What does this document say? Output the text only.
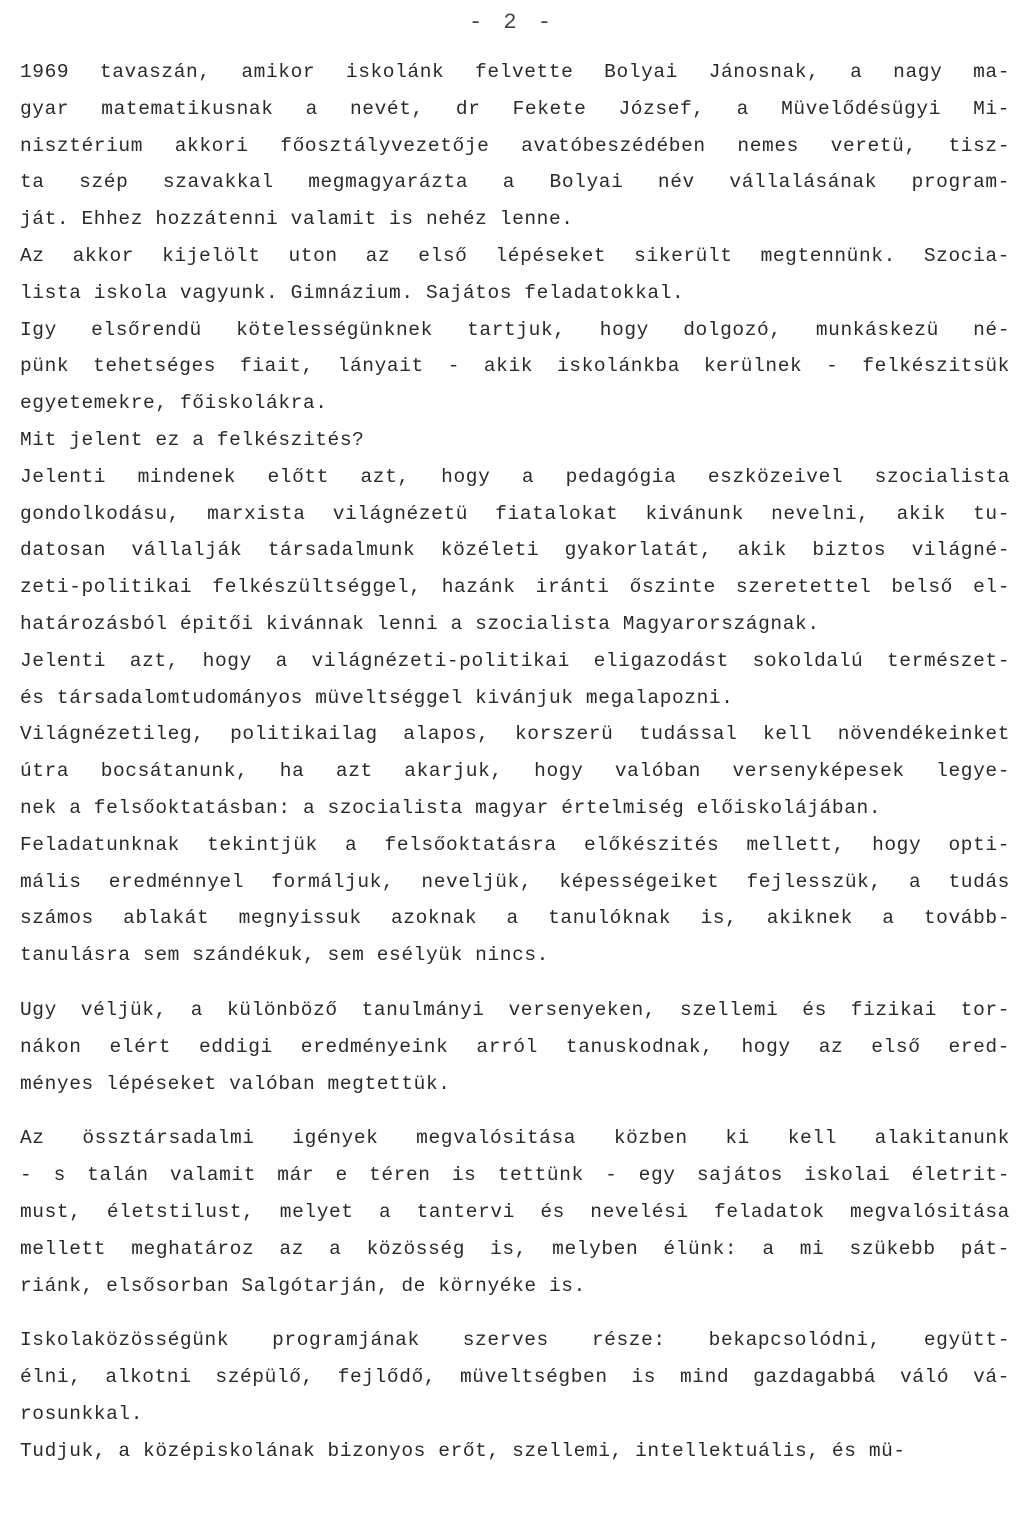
- 2 -
1969 tavaszán, amikor iskolánk felvette Bolyai Jánosnak, a nagy ma-
gyar matematikusnak a nevét, dr Fekete József, a Müvelődésügyi Mi-
nisztérium akkori főosztályvezetője avatóbeszédében nemes veretü, tisz-
ta szép szavakkal megmagyarázta a Bolyai név vállalásának program-
ját. Ehhez hozzátenni valamit is nehéz lenne.
Az akkor kijelölt uton az első lépéseket sikerült megtennünk. Szocia-
lista iskola vagyunk. Gimnázium. Sajátos feladatokkal.
Igy elsőrendü kötelességünknek tartjuk, hogy dolgozó, munkáskezü né-
pünk tehetséges fiait, lányait - akik iskolánkba kerülnek - felkészitsük
egyetemekre, főiskolákra.
Mit jelent ez a felkészités?
Jelenti mindenek előtt azt, hogy a pedagógia eszközeivel szocialista
gondolkodásu, marxista világnézetü fiatalokat kivánunk nevelni, akik tu-
datosan vállalják társadalmunk közéleti gyakorlatát, akik biztos világné-
zeti-politikai felkészültséggel, hazánk iránti őszinte szeretettel belső el-
határozásból épitői kivánnak lenni a szocialista Magyarországnak.
Jelenti azt, hogy a világnézeti-politikai eligazodást sokoldalú természet-
és társadalomtudományos müveltséggel kivánjuk megalapozni.
Világnézetileg, politikailag alapos, korszerü tudással kell növendékeinket
útra bocsátanunk, ha azt akarjuk, hogy valóban versenyképesek legye-
nek a felsőoktatásban: a szocialista magyar értelmiség előiskolájában.
Feladatunknak tekintjük a felsőoktatásra előkészités mellett, hogy opti-
mális eredménnyel formáljuk, neveljük, képességeiket fejlesszük, a tudás
számos ablakát megnyissuk azoknak a tanulóknak is, akiknek a tovább-
tanulásra sem szándékuk, sem esélyük nincs.
Ugy véljük, a különböző tanulmányi versenyeken, szellemi és fizikai tor-
nákon elért eddigi eredményeink arról tanuskodnak, hogy az első ered-
ményes lépéseket valóban megtettük.
Az össztársadalmi igények megvalósitása közben ki kell alakitanunk
- s talán valamit már e téren is tettünk - egy sajátos iskolai életrit-
must, életstilust, melyet a tantervi és nevelési feladatok megvalósitása
mellett meghatároz az a közösség is, melyben élünk: a mi szükebb pát-
riánk, elsősorban Salgótarján, de környéke is.
Iskolaközösségünk programjának szerves része: bekapcsolódni, együtt-
élni, alkotni szépülő, fejlődő, müveltségben is mind gazdagabbá váló vá-
rosunkkal.
Tudjuk, a középiskolának bizonyos erőt, szellemi, intellektuális, és mü-
